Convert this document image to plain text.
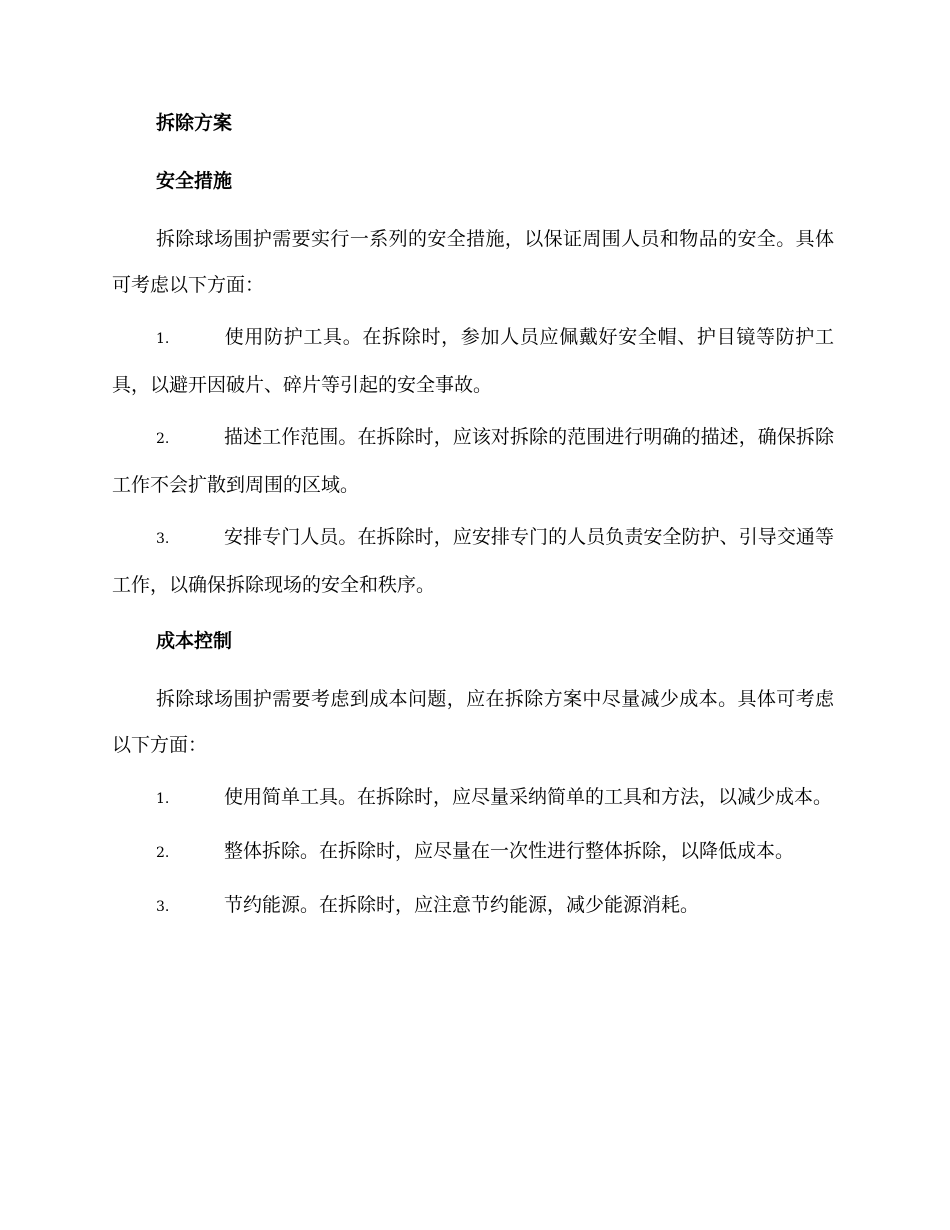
拆除方案
安全措施

拆除球场围护需要实行一系列的安全措施，以保证周围人员和物品的安全。具体可考虑以下方面：

1.	使用防护工具。在拆除时，参加人员应佩戴好安全帽、护目镜等防护工具，以避开因破片、碎片等引起的安全事故。

2.	描述工作范围。在拆除时，应该对拆除的范围进行明确的描述，确保拆除工作不会扩散到周围的区域。

3.	安排专门人员。在拆除时，应安排专门的人员负责安全防护、引导交通等工作，以确保拆除现场的安全和秩序。

成本控制

拆除球场围护需要考虑到成本问题，应在拆除方案中尽量减少成本。具体可考虑以下方面：

1.	使用简单工具。在拆除时，应尽量采纳简单的工具和方法，以减少成本。

2.	整体拆除。在拆除时，应尽量在一次性进行整体拆除，以降低成本。

3.	节约能源。在拆除时，应注意节约能源，减少能源消耗。
